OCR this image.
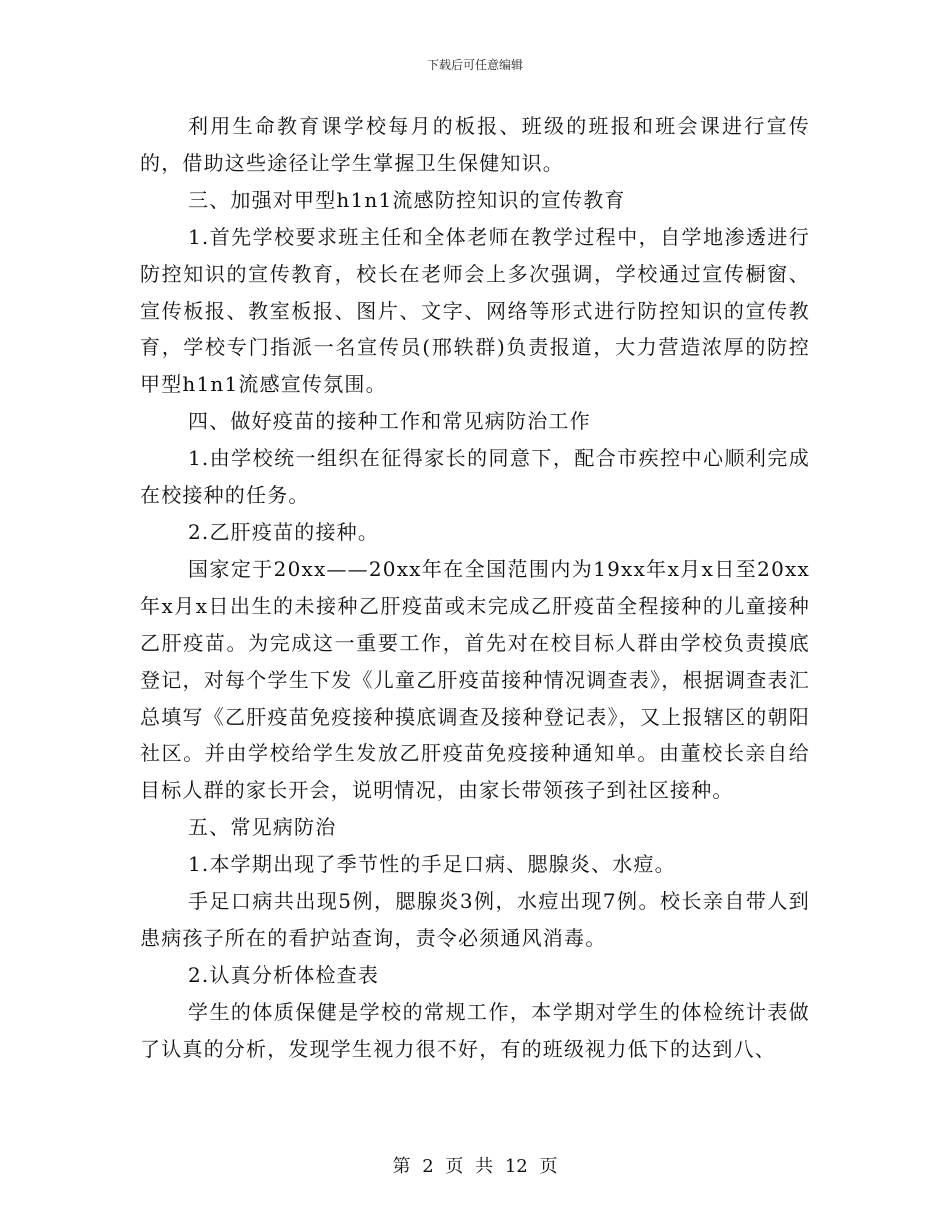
下载后可任意编辑

利用生命教育课学校每月的板报、班级的班报和班会课进行宣传的，借助这些途径让学生掌握卫生保健知识。

三、加强对甲型h1n1流感防控知识的宣传教育

1.首先学校要求班主任和全体老师在教学过程中，自学地渗透进行防控知识的宣传教育，校长在老师会上多次强调，学校通过宣传橱窗、宣传板报、教室板报、图片、文字、网络等形式进行防控知识的宣传教育，学校专门指派一名宣传员(邢轶群)负责报道，大力营造浓厚的防控甲型h1n1流感宣传氛围。

四、做好疫苗的接种工作和常见病防治工作

1.由学校统一组织在征得家长的同意下，配合市疾控中心顺利完成在校接种的任务。

2.乙肝疫苗的接种。

国家定于20xx——20xx年在全国范围内为19xx年x月x日至20xx年x月x日出生的未接种乙肝疫苗或末完成乙肝疫苗全程接种的儿童接种乙肝疫苗。为完成这一重要工作，首先对在校目标人群由学校负责摸底登记，对每个学生下发《儿童乙肝疫苗接种情况调查表》，根据调查表汇总填写《乙肝疫苗免疫接种摸底调查及接种登记表》，又上报辖区的朝阳社区。并由学校给学生发放乙肝疫苗免疫接种通知单。由董校长亲自给目标人群的家长开会，说明情况，由家长带领孩子到社区接种。

五、常见病防治

1.本学期出现了季节性的手足口病、腮腺炎、水痘。

手足口病共出现5例，腮腺炎3例，水痘出现7例。校长亲自带人到患病孩子所在的看护站查询，责令必须通风消毒。

2.认真分析体检查表

学生的体质保健是学校的常规工作，本学期对学生的体检统计表做了认真的分析，发现学生视力很不好，有的班级视力低下的达到八、

第 2 页 共 12 页
